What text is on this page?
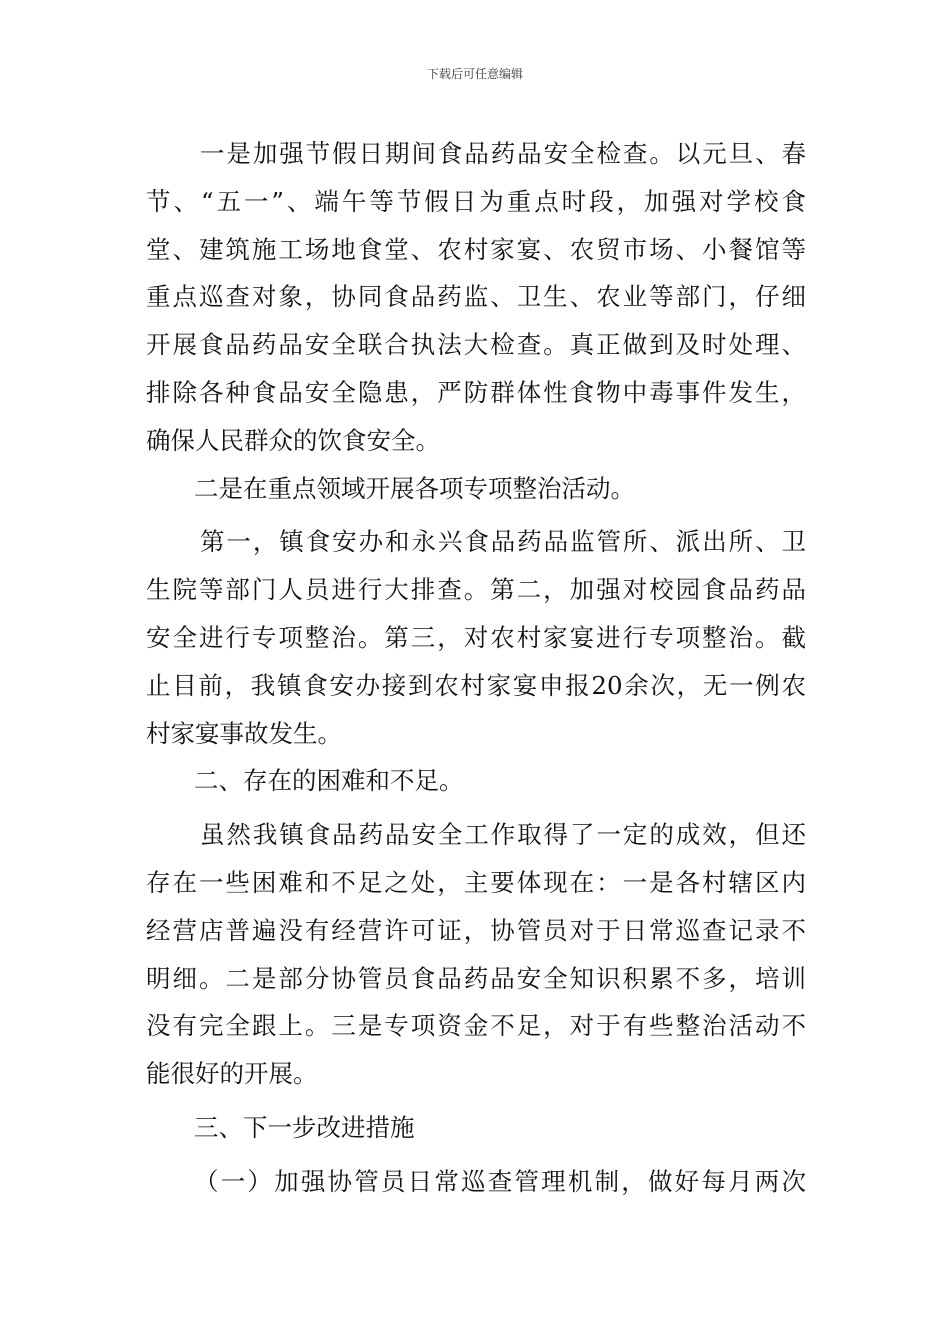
下载后可任意编辑
一是加强节假日期间食品药品安全检查。以元旦、春
节、“五一”、端午等节假日为重点时段，加强对学校食
堂、建筑施工场地食堂、农村家宴、农贸市场、小餐馆等
重点巡查对象，协同食品药监、卫生、农业等部门，仔细
开展食品药品安全联合执法大检查。真正做到及时处理、
排除各种食品安全隐患，严防群体性食物中毒事件发生，
确保人民群众的饮食安全。
二是在重点领域开展各项专项整治活动。
第一，镇食安办和永兴食品药品监管所、派出所、卫
生院等部门人员进行大排查。第二，加强对校园食品药品
安全进行专项整治。第三，对农村家宴进行专项整治。截
止目前，我镇食安办接到农村家宴申报20余次，无一例农
村家宴事故发生。
二、存在的困难和不足。
虽然我镇食品药品安全工作取得了一定的成效，但还
存在一些困难和不足之处，主要体现在：一是各村辖区内
经营店普遍没有经营许可证，协管员对于日常巡查记录不
明细。二是部分协管员食品药品安全知识积累不多，培训
没有完全跟上。三是专项资金不足，对于有些整治活动不
能很好的开展。
三、下一步改进措施
（一）加强协管员日常巡查管理机制，做好每月两次
